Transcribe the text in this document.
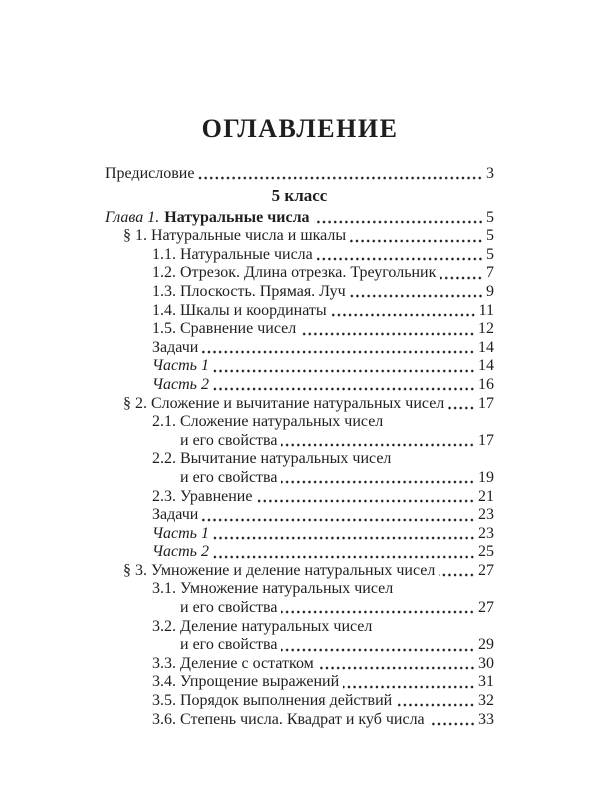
ОГЛАВЛЕНИЕ
Предисловие	3
5 класс
Глава 1. Натуральные числа	5
§ 1. Натуральные числа и шкалы	5
1.1. Натуральные числа	5
1.2. Отрезок. Длина отрезка. Треугольник	7
1.3. Плоскость. Прямая. Луч	9
1.4. Шкалы и координаты	11
1.5. Сравнение чисел	12
Задачи	14
Часть 1	14
Часть 2	16
§ 2. Сложение и вычитание натуральных чисел 17
2.1. Сложение натуральных чисел
и его свойства	17
2.2. Вычитание натуральных чисел
и его свойства	19
2.3. Уравнение	21
Задачи	23
Часть 1	23
Часть 2	25
§ 3. Умножение и деление натуральных чисел	27
3.1. Умножение натуральных чисел
и его свойства	27
3.2. Деление натуральных чисел
и его свойства	29
3.3. Деление с остатком	30
3.4. Упрощение выражений	31
3.5. Порядок выполнения действий	32
3.6. Степень числа. Квадрат и куб числа	33
